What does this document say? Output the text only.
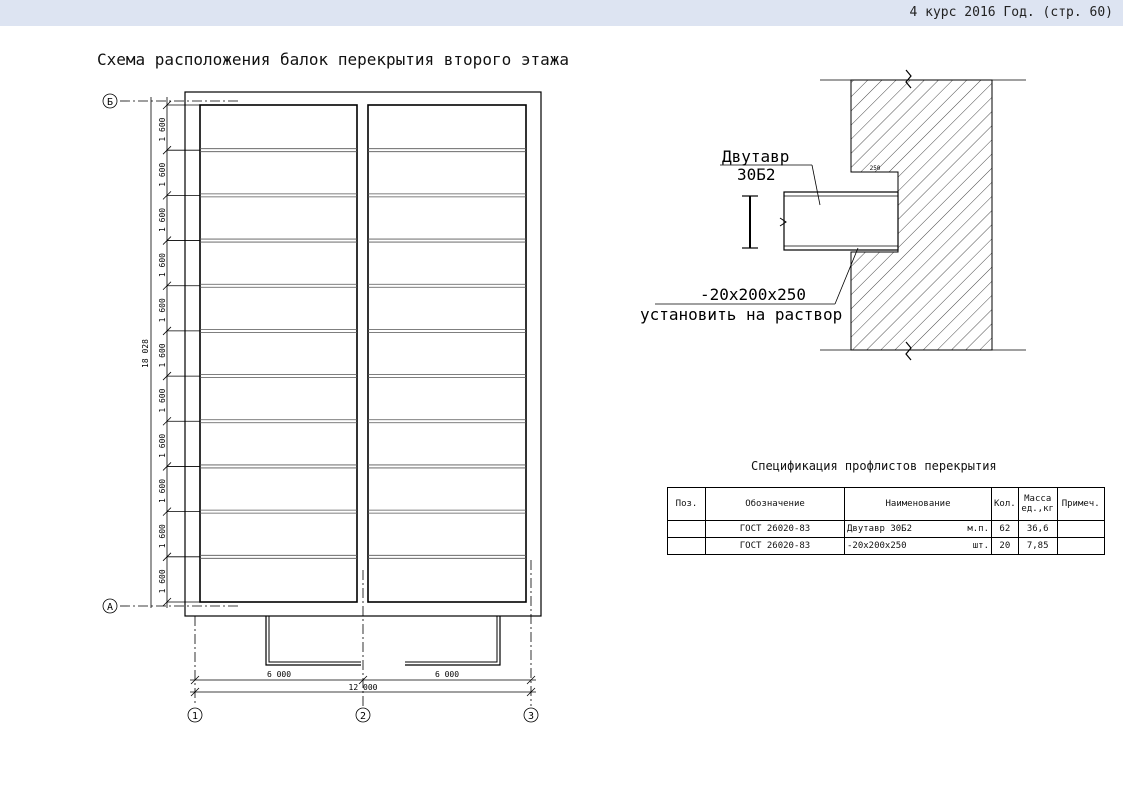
4 курс 2016 Год. (стр. 60)
Схема расположения балок перекрытия второго этажа
1 600
1 600
1 600
1 600
1 600
1 600
1 600
1 600
1 600
1 600
1 600
18 028
Б
А
6 000	6 000
12 000
1	2	3
250
Двутавр
30Б2
-20x200x250
установить на раствор
Спецификация профлистов перекрытия
Поз.	Обозначение	Наименование	Кол.	Масса ед.,кг	Примеч.
	ГОСТ 26020-83	Двутавр 30Б2 м.п.	62	36,6	
	ГОСТ 26020-83	-20x200x250 шт.	20	7,85	
